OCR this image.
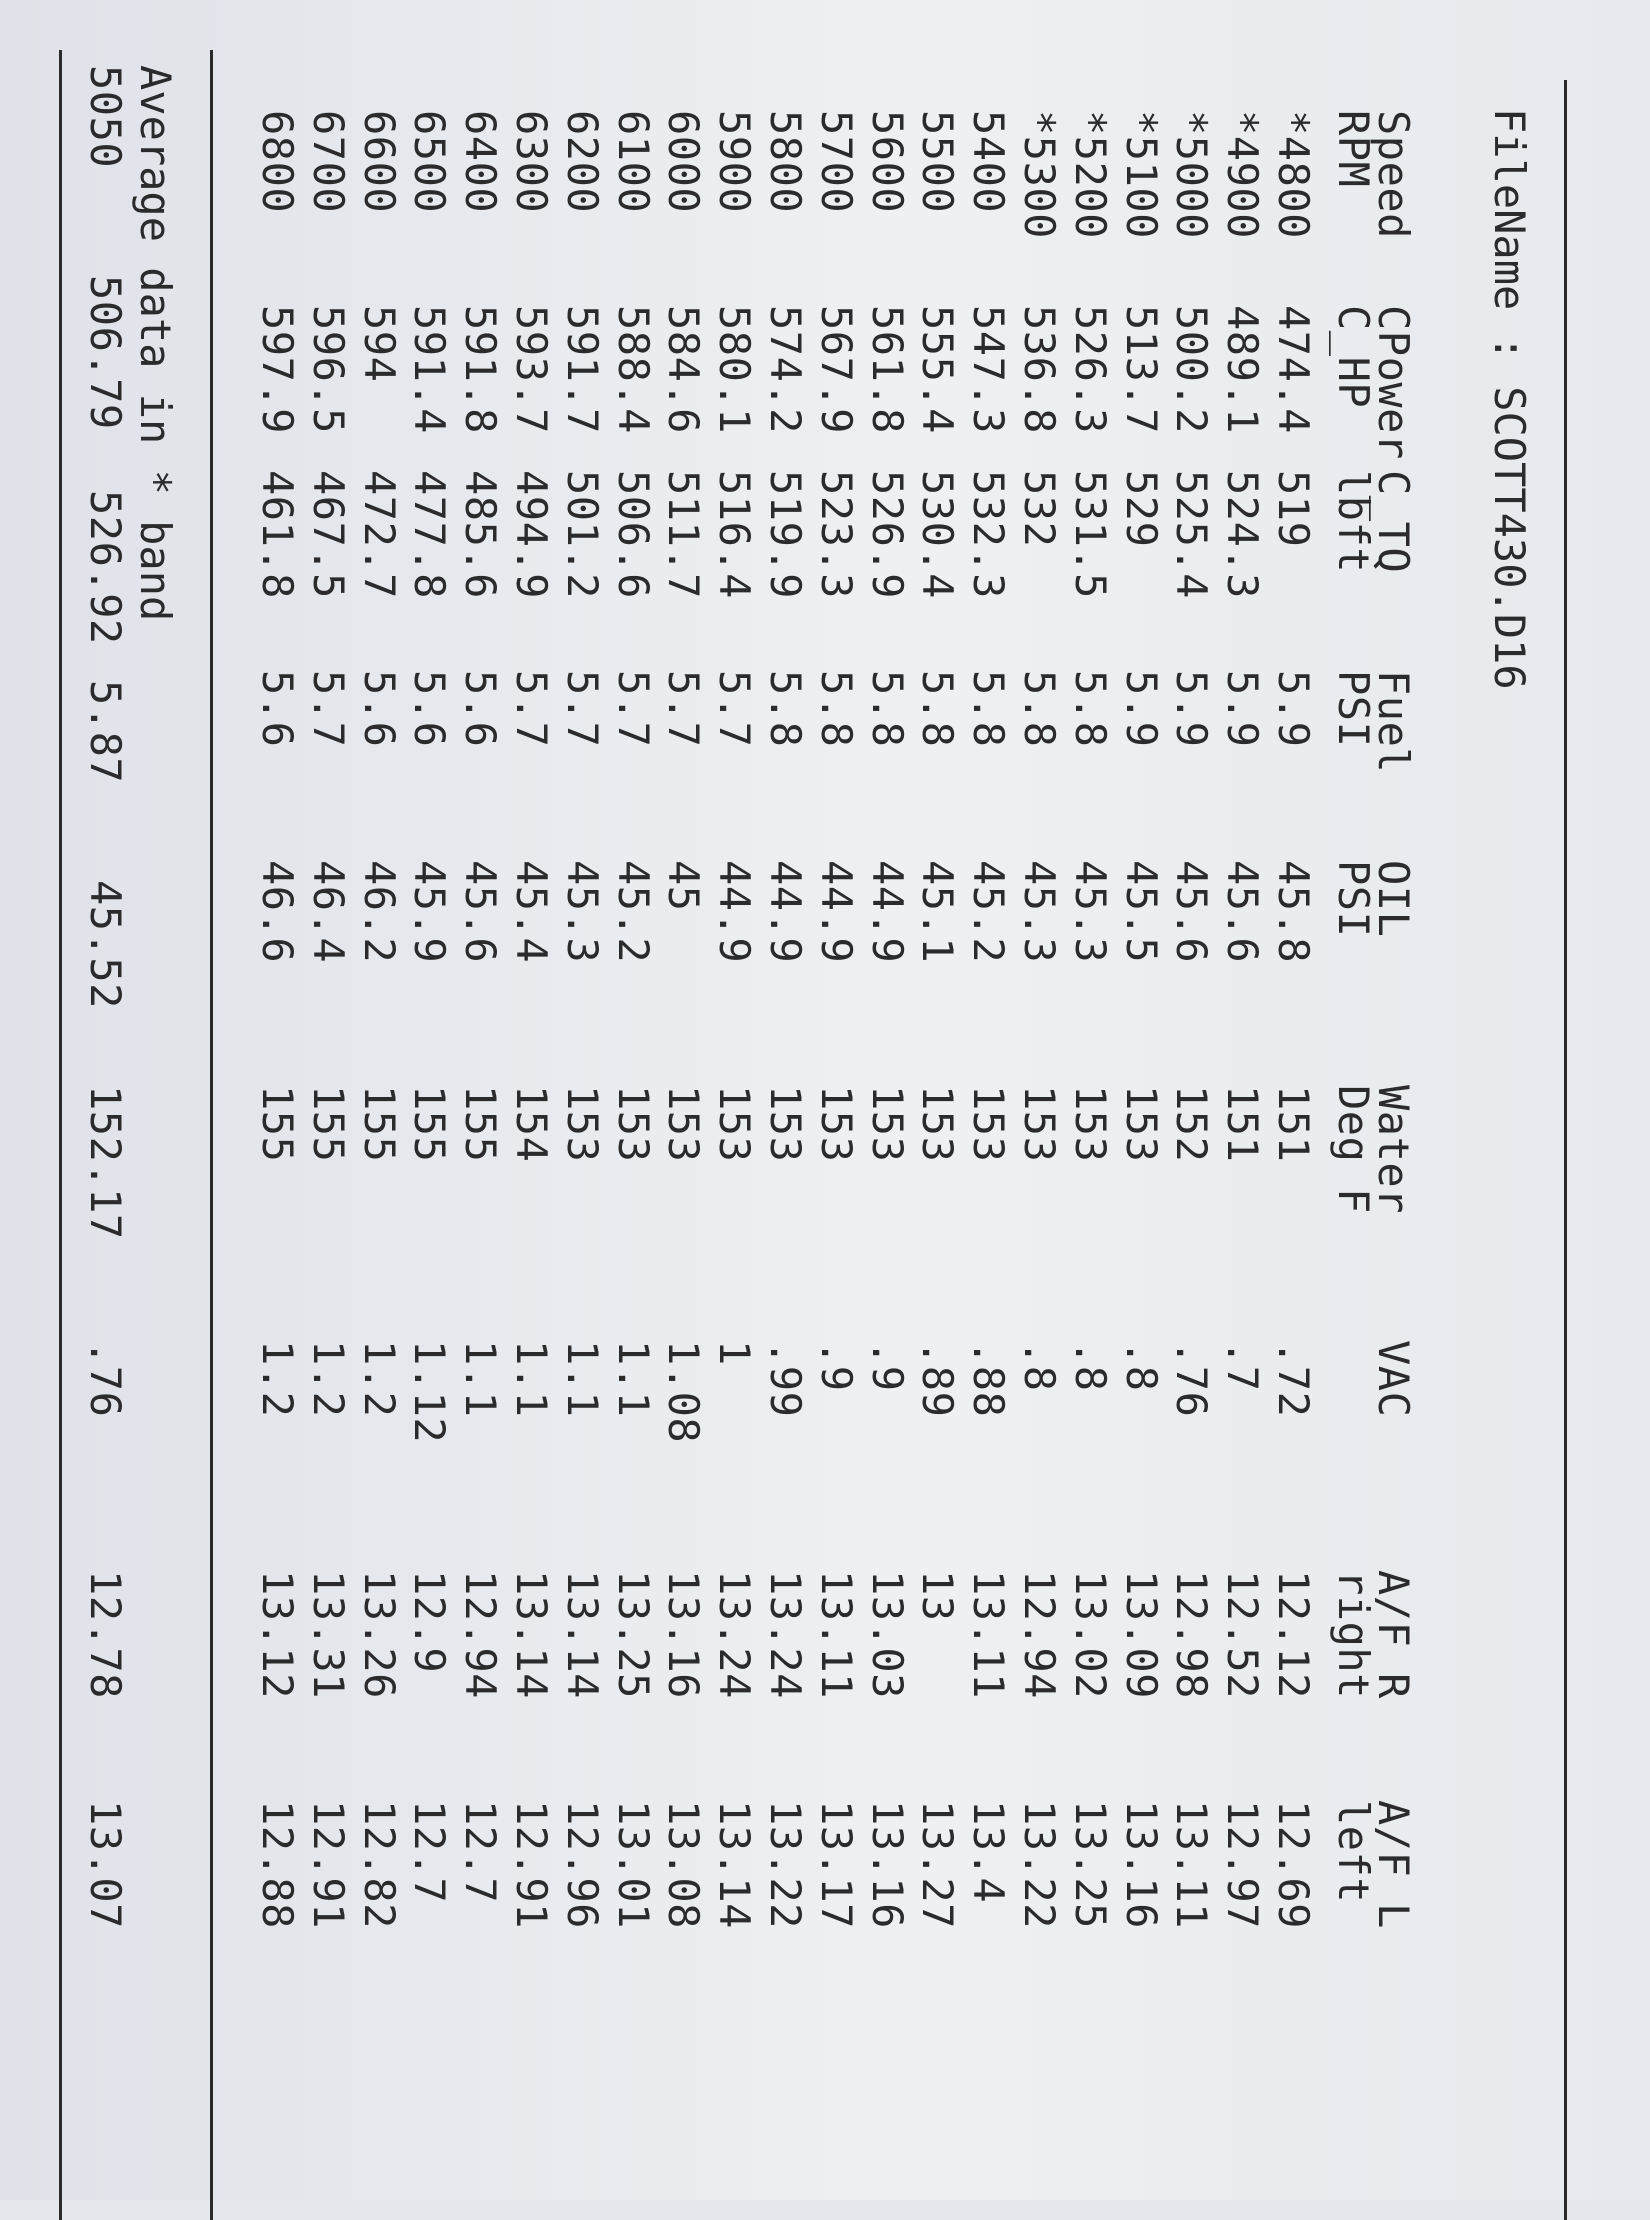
FileName : SCOTT430.D16
Speed
RPM
CPower
C_HP
C_TQ
lbft
Fuel
PSI
OIL
PSI
Water
Deg F
VAC
A/F R
right
A/F L
left
*4800
474.4
519
5.9
45.8
151
.72
12.12
12.69
*4900
489.1
524.3
5.9
45.6
151
.7
12.52
12.97
*5000
500.2
525.4
5.9
45.6
152
.76
12.98
13.11
*5100
513.7
529
5.9
45.5
153
.8
13.09
13.16
*5200
526.3
531.5
5.8
45.3
153
.8
13.02
13.25
*5300
536.8
532
5.8
45.3
153
.8
12.94
13.22
5400
547.3
532.3
5.8
45.2
153
.88
13.11
13.4
5500
555.4
530.4
5.8
45.1
153
.89
13
13.27
5600
561.8
526.9
5.8
44.9
153
.9
13.03
13.16
5700
567.9
523.3
5.8
44.9
153
.9
13.11
13.17
5800
574.2
519.9
5.8
44.9
153
.99
13.24
13.22
5900
580.1
516.4
5.7
44.9
153
1
13.24
13.14
6000
584.6
511.7
5.7
45
153
1.08
13.16
13.08
6100
588.4
506.6
5.7
45.2
153
1.1
13.25
13.01
6200
591.7
501.2
5.7
45.3
153
1.1
13.14
12.96
6300
593.7
494.9
5.7
45.4
154
1.1
13.14
12.91
6400
591.8
485.6
5.6
45.6
155
1.1
12.94
12.7
6500
591.4
477.8
5.6
45.9
155
1.12
12.9
12.7
6600
594
472.7
5.6
46.2
155
1.2
13.26
12.82
6700
596.5
467.5
5.7
46.4
155
1.2
13.31
12.91
6800
597.9
461.8
5.6
46.6
155
1.2
13.12
12.88
Average data in * band
5050
506.79
526.92
5.87
45.52
152.17
.76
12.78
13.07
